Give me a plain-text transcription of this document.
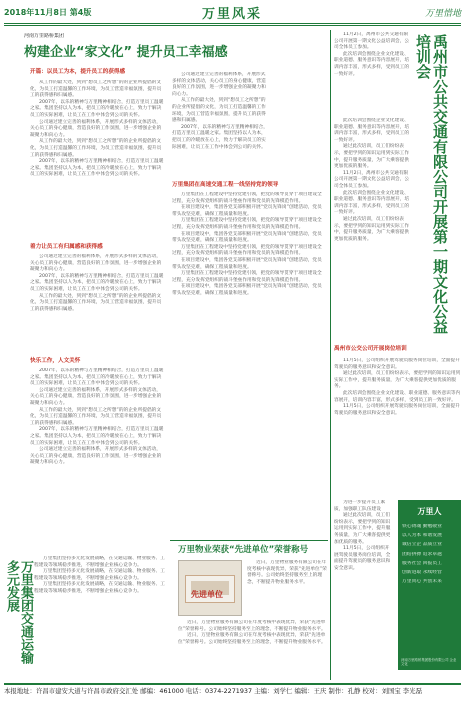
2018年11月8日 第4版	万里风采	万里惜地
河南万里路桥集团
构建企业“家文化” 提升员工幸福感
开篇：以员工为本，提升员工的获得感

从工作的最大处，到到“想员工之所想”的的企业所提倡的文化，为员工打造温馨的工作环境，为员工营造幸福氛围，提升员工的获得感和归属感。

2007年，以乐的精神与万里精神相结合，打造万里员工温暖之家。集团坚持以人为本，把员工的冷暖放在心上，致力于解决员工的实际困难，让员工在工作中体会到公司的关怀。

公司通过建立完善的福利体系，开展形式多样的文体活动，关心员工的身心健康，营造良好的工作氛围，进一步增强企业的凝聚力和向心力。

从工作的最大处，到到“想员工之所想”的的企业所提倡的文化，为员工打造温馨的工作环境，为员工营造幸福氛围，提升员工的获得感和归属感。

2007年，以乐的精神与万里精神相结合，打造万里员工温暖之家。集团坚持以人为本，把员工的冷暖放在心上，致力于解决员工的实际困难，让员工在工作中体会到公司的关怀。

着力让员工有归属感和获得感

公司通过建立完善的福利体系，开展形式多样的文体活动，关心员工的身心健康，营造良好的工作氛围，进一步增强企业的凝聚力和向心力。

2007年，以乐的精神与万里精神相结合，打造万里员工温暖之家。集团坚持以人为本，把员工的冷暖放在心上，致力于解决员工的实际困难，让员工在工作中体会到公司的关怀。

从工作的最大处，到到“想员工之所想”的的企业所提倡的文化，为员工打造温馨的工作环境，为员工营造幸福氛围，提升员工的获得感和归属感。

快乐工作，人文关怀

2007年，以乐的精神与万里精神相结合，打造万里员工温暖之家。集团坚持以人为本，把员工的冷暖放在心上，致力于解决员工的实际困难，让员工在工作中体会到公司的关怀。

公司通过建立完善的福利体系，开展形式多样的文体活动，关心员工的身心健康，营造良好的工作氛围，进一步增强企业的凝聚力和向心力。

从工作的最大处，到到“想员工之所想”的的企业所提倡的文化，为员工打造温馨的工作环境，为员工营造幸福氛围，提升员工的获得感和归属感。

2007年，以乐的精神与万里精神相结合，打造万里员工温暖之家。集团坚持以人为本，把员工的冷暖放在心上，致力于解决员工的实际困难，让员工在工作中体会到公司的关怀。

公司通过建立完善的福利体系，开展形式多样的文体活动，关心员工的身心健康，营造良好的工作氛围，进一步增强企业的凝聚力和向心力。

公司通过建立完善的福利体系，开展形式多样的文体活动，关心员工的身心健康，营造良好的工作氛围，进一步增强企业的凝聚力和向心力。

从工作的最大处，到到“想员工之所想”的的企业所提倡的文化，为员工打造温馨的工作环境，为员工营造幸福氛围，提升员工的获得感和归属感。

2007年，以乐的精神与万里精神相结合，打造万里员工温暖之家。集团坚持以人为本，把员工的冷暖放在心上，致力于解决员工的实际困难，让员工在工作中体会到公司的关怀。

万里集团在高速交通工程一线坚持党的领导

万里集团在工程建设中坚持党建引领，把党的领导贯穿于项目建设全过程，充分发挥党组织的战斗堡垒作用和党员的先锋模范作用。

在项目建设中，集团各党支部积极开展“党员先锋岗”创建活动，党员带头攻坚克难，确保工程质量和进度。

万里集团在工程建设中坚持党建引领，把党的领导贯穿于项目建设全过程，充分发挥党组织的战斗堡垒作用和党员的先锋模范作用。

在项目建设中，集团各党支部积极开展“党员先锋岗”创建活动，党员带头攻坚克难，确保工程质量和进度。

万里集团在工程建设中坚持党建引领，把党的领导贯穿于项目建设全过程，充分发挥党组织的战斗堡垒作用和党员的先锋模范作用。

在项目建设中，集团各党支部积极开展“党员先锋岗”创建活动，党员带头攻坚克难，确保工程质量和进度。

万里集团在工程建设中坚持党建引领，把党的领导贯穿于项目建设全过程，充分发挥党组织的战斗堡垒作用和党员的先锋模范作用。

在项目建设中，集团各党支部积极开展“党员先锋岗”创建活动，党员带头攻坚克难，确保工程质量和进度。

万里集团交通运输多元发展

万里集团坚持多元化发展战略，在交通运输、物业服务、工程建设等领域稳步推进，不断增强企业核心竞争力。

万里集团坚持多元化发展战略，在交通运输、物业服务、工程建设等领域稳步推进，不断增强企业核心竞争力。

万里集团坚持多元化发展战略，在交通运输、物业服务、工程建设等领域稳步推进，不断增强企业核心竞争力。

万里物业荣获“先进单位”荣誉称号
先进单位

近日，万里物业服务有限公司在年度考核中表现优异，荣获“先进单位”荣誉称号。公司始终坚持服务至上的理念，不断提升物业服务水平。

近日，万里物业服务有限公司在年度考核中表现优异，荣获“先进单位”荣誉称号。公司始终坚持服务至上的理念，不断提升物业服务水平。

近日，万里物业服务有限公司在年度考核中表现优异，荣获“先进单位”荣誉称号。公司始终坚持服务至上的理念，不断提升物业服务水平。

11月2日，禹州市公共交通有限公司开展第一期文化公益培训会，公司全体员工参加。

此次培训会围绕企业文化建设、职业道德、服务意识等内容展开，培训内容丰富，形式多样，受到员工的一致好评。	禹州市公共交通有限公司开展第一期文化公益培训会

此次培训会围绕企业文化建设、职业道德、服务意识等内容展开，培训内容丰富，形式多样，受到员工的一致好评。

通过此次培训，员工们纷纷表示，要把学到的知识运用到实际工作中，提升服务质量，为广大乘客提供更加优质的服务。

11月2日，禹州市公共交通有限公司开展第一期文化公益培训会，公司全体员工参加。

此次培训会围绕企业文化建设、职业道德、服务意识等内容展开，培训内容丰富，形式多样，受到员工的一致好评。

通过此次培训，员工们纷纷表示，要把学到的知识运用到实际工作中，提升服务质量，为广大乘客提供更加优质的服务。

禹州市公交公司开展岗位培训

11月5日，公司组织开展驾驶员服务岗位培训，全面提升驾驶员的服务意识和安全意识。

通过此次培训，员工们纷纷表示，要把学到的知识运用到实际工作中，提升服务质量，为广大乘客提供更加优质的服务。

此次培训会围绕企业文化建设、职业道德、服务意识等内容展开，培训内容丰富，形式多样，受到员工的一致好评。

11月5日，公司组织开展驾驶员服务岗位培训，全面提升驾驶员的服务意识和安全意识。

为进一步提升员工素质，加强职工队伍建设

通过此次培训，员工们纷纷表示，要把学到的知识运用到实际工作中，提升服务质量，为广大乘客提供更加优质的服务。

11月5日，公司组织开展驾驶员服务岗位培训，全面提升驾驶员的服务意识和安全意识。

万里人
铁心铸魂 勤勉敬业
以人为本 和谐发展
诚信立企 品质立业
团结拼搏 追求卓越
服务社会 回报员工
创新进取 永续经营
万里同心 共创未来
河南万里路桥集团股份有限公司 企业文化
本报地址：许昌市建安大道与许昌市政府交汇处 邮编：461000 电话：0374-2271937 主编：刘学仁 编辑：王庆 制作：孔静 校对：刘国宝 李光磊
